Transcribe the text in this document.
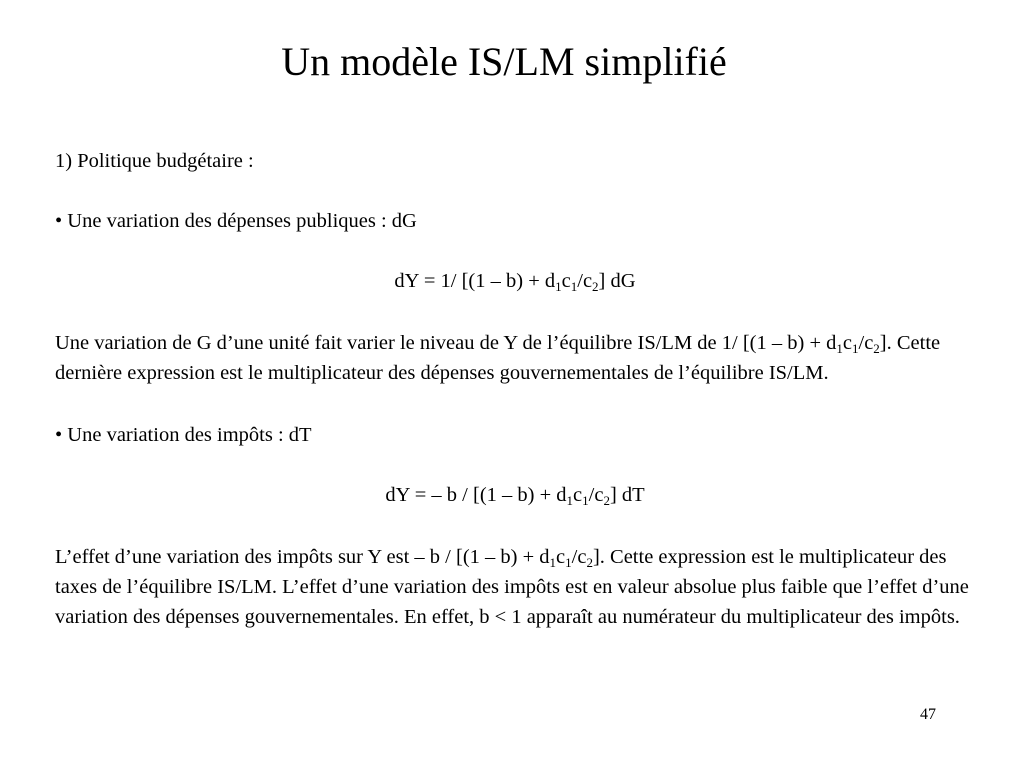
Un modèle IS/LM simplifié

1) Politique budgétaire :

• Une variation des dépenses publiques : dG

dY = 1/ $[(1 - b) + d_1c_1/c_2]$ dG

Une variation de G d’une unité fait varier le niveau de Y de l’équilibre IS/LM de 1/ $[(1 - b) + d_1c_1/c_2]$. Cette dernière expression est le multiplicateur des dépenses gouvernementales de l’équilibre IS/LM.

• Une variation des impôts : dT

dY = – $b / [(1 - b) + d_1c_1/c_2]$ dT

L’effet d’une variation des impôts sur Y est – $b / [(1 - b) + d_1c_1/c_2]$. Cette expression est le multiplicateur des taxes de l’équilibre IS/LM. L’effet d’une variation des impôts est en valeur absolue plus faible que l’effet d’une variation des dépenses gouvernementales. En effet, b < 1 apparaît au numérateur du multiplicateur des impôts.

47
